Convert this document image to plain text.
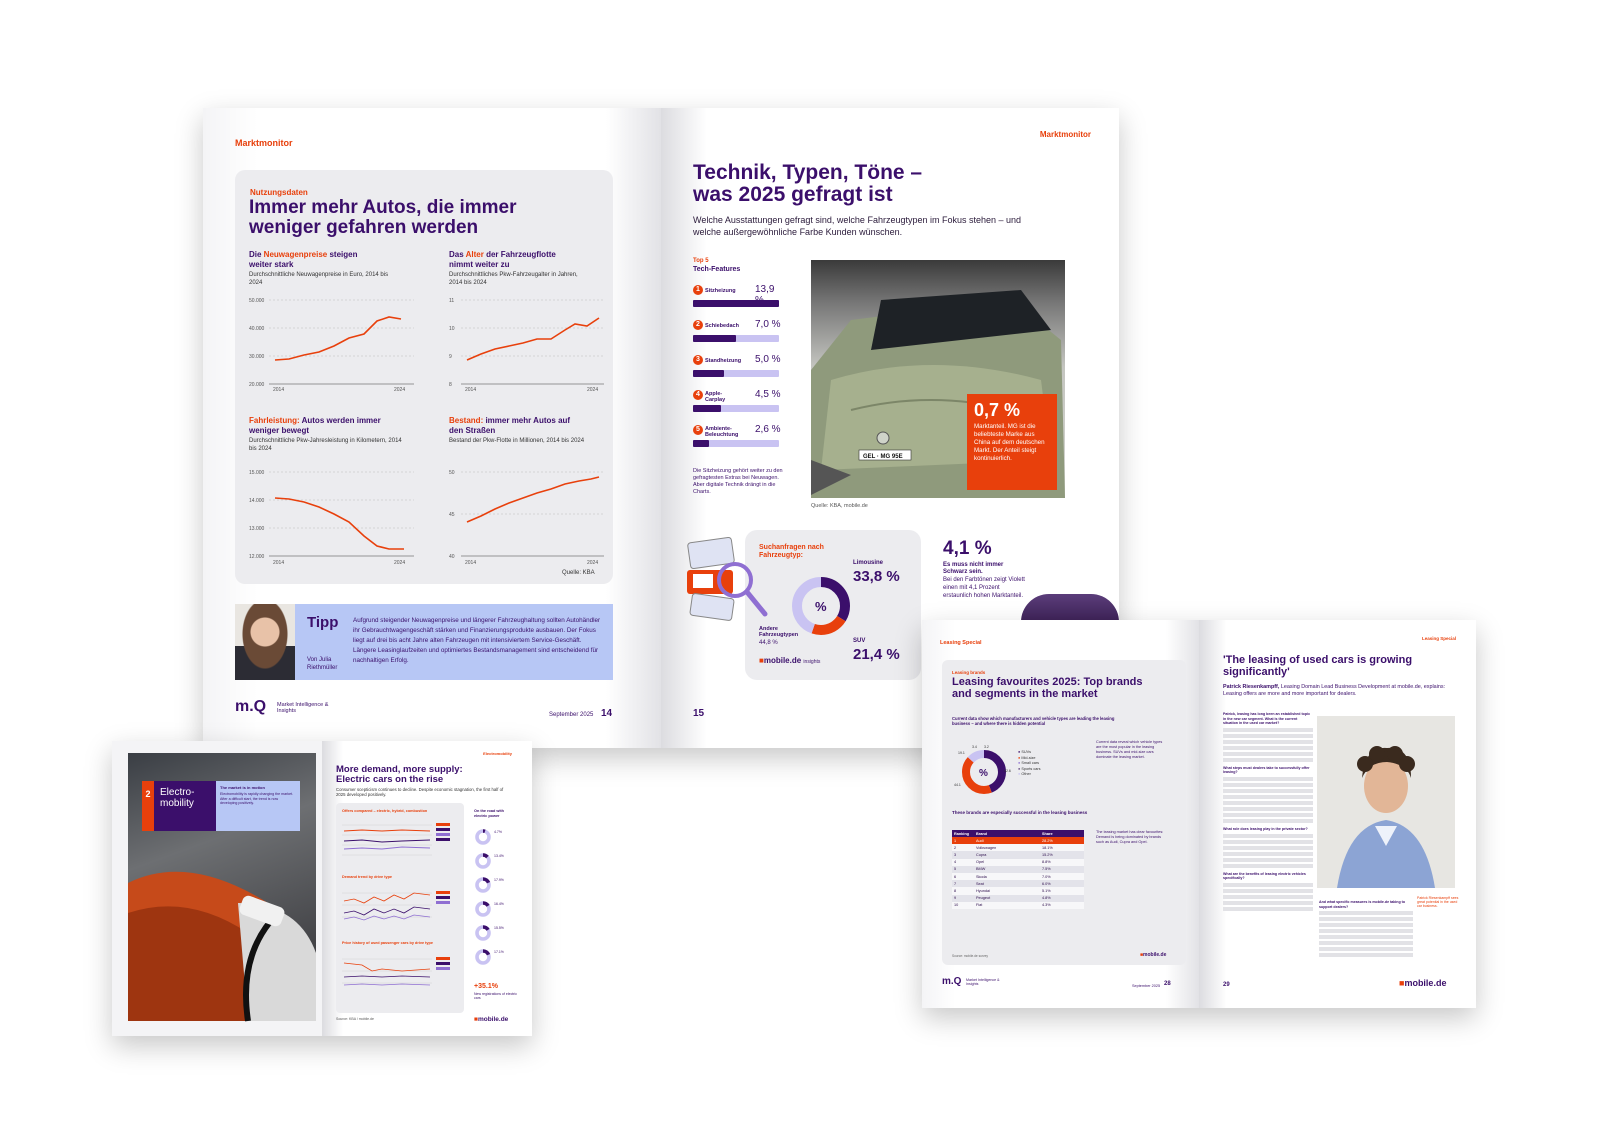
Marktmonitor
Nutzungsdaten
Immer mehr Autos, die immer weniger gefahren werden
Die Neuwagenpreise steigen weiter stark
Durchschnittliche Neuwagenpreise in Euro, 2014 bis 2024
50.000
40.000
30.000
20.000
2014	2024
Das Alter der Fahrzeugflotte nimmt weiter zu
Durchschnittliches Pkw-Fahrzeugalter in Jahren, 2014 bis 2024
11
10
9
8
2014	2024
Fahrleistung: Autos werden immer weniger bewegt
Durchschnittliche Pkw-Jahresleistung in Kilometern, 2014 bis 2024
15.000
14.000
13.000
12.000
2014	2024
Bestand: immer mehr Autos auf den Straßen
Bestand der Pkw-Flotte in Millionen, 2014 bis 2024
50
45
40
2014	2024
Quelle: KBA
Tipp
Von Julia Riethmüller
Aufgrund steigender Neuwagenpreise und längerer Fahrzeughaltung sollten Autohändler ihr Gebrauchtwagengeschäft stärken und Finanzierungsprodukte ausbauen. Der Fokus liegt auf drei bis acht Jahre alten Fahrzeugen mit intensiviertem Service-Geschäft. Längere Leasinglaufzeiten und optimiertes Bestandsmanagement sind entscheidend für nachhaltigen Erfolg.
m.Q Market Intelligence & Insights
September 2025 14
Marktmonitor
Technik, Typen, Töne – was 2025 gefragt ist
Welche Ausstattungen gefragt sind, welche Fahrzeugtypen im Fokus stehen – und welche außergewöhnliche Farbe Kunden wünschen.
Top 5
Tech-Features
1 Sitzheizung 13,9
2 Schiebedach 7,0 %
3 Standheizung 5,0 %
4 Apple-Carplay	4,5 %
5 Ambiente-Beleuchtung	2,6 %
Die Sitzheizung gehört weiter zu den gefragtesten Extras bei Neuwagen. Aber digitale Technik drängt in die Charts.
GEL · MG 95E
0,7 %
Marktanteil. MG ist die beliebteste Marke aus China auf dem deutschen Markt. Der Anteil steigt kontinuierlich.
Quelle: KBA, mobile.de
Suchanfragen nach Fahrzeugtyp:
%
Limousine
33,8 %
SUV
21,4 %
Andere Fahrzeugtypen
44,8 %
■mobile.de insights
4,1 %
Es muss nicht immer Schwarz sein.
Bei den Farbtönen zeigt Violett einen mit 4,1 Prozent erstaunlich hohen Marktanteil.
15
2 Electro-mobility
The market is in motion
Electromobility is rapidly changing the market. After a difficult start, the trend is now developing positively.
Electromobility
More demand, more supply: Electric cars on the rise
Consumer scepticism continues to decline. Despite economic stagnation, the first half of 2025 developed positively.
Offers compared – electric, hybrid, combustion
Demand trend by drive type
Price history of used passenger cars by drive type
On the road with electric power
4.7%
13.4%
17.9%
16.4%
15.5%
17.1%
+35.1%
New registrations of electric cars
Source: KBA / mobile.de	■mobile.de
Leasing Special
Leasing brands
Leasing favourites 2025: Top brands and segments in the market
Current data show which manufacturers and vehicle types are leading the leasing business – and where there is hidden potential
%
19.1
3.4 3.2
42.6
44.1
● SUVs
● Mid-size
● Small cars
● Sports cars
● Other
Current data reveal which vehicle types are the most popular in the leasing business. SUVs and mid-size cars dominate the leasing market.
These brands are especially successful in the leasing business
Ranking	Brand	Share
1	Audi	28.2%
2	Volkswagen	18.1%
3	Cupra	15.2%
4	Opel	8.8%
5	BMW	7.5%
6	Skoda	7.0%
7	Seat	6.0%
8	Hyundai	5.1%
9	Peugeot	4.8%
10	Fiat	4.3%
The leasing market has clear favourites: Demand is being dominated by brands such as Audi, Cupra and Opel.
Source: mobile.de survey	■mobile.de
m.Q Market Intelligence & Insights	September 2025 28
Leasing Special
'The leasing of used cars is growing significantly'
Patrick Riesenkampff, Leasing Domain Lead Business Development at mobile.de, explains: Leasing offers are more and more important for dealers.
Patrick, leasing has long been an established topic in the new car segment. What is the current situation in the used car market?
What steps must dealers take to successfully offer leasing?
What role does leasing play in the private sector?
What are the benefits of leasing electric vehicles specifically?
Patrick Riesenkampff sees great potential in the used car business.
And what specific measures is mobile.de taking to support dealers?
29	■mobile.de
